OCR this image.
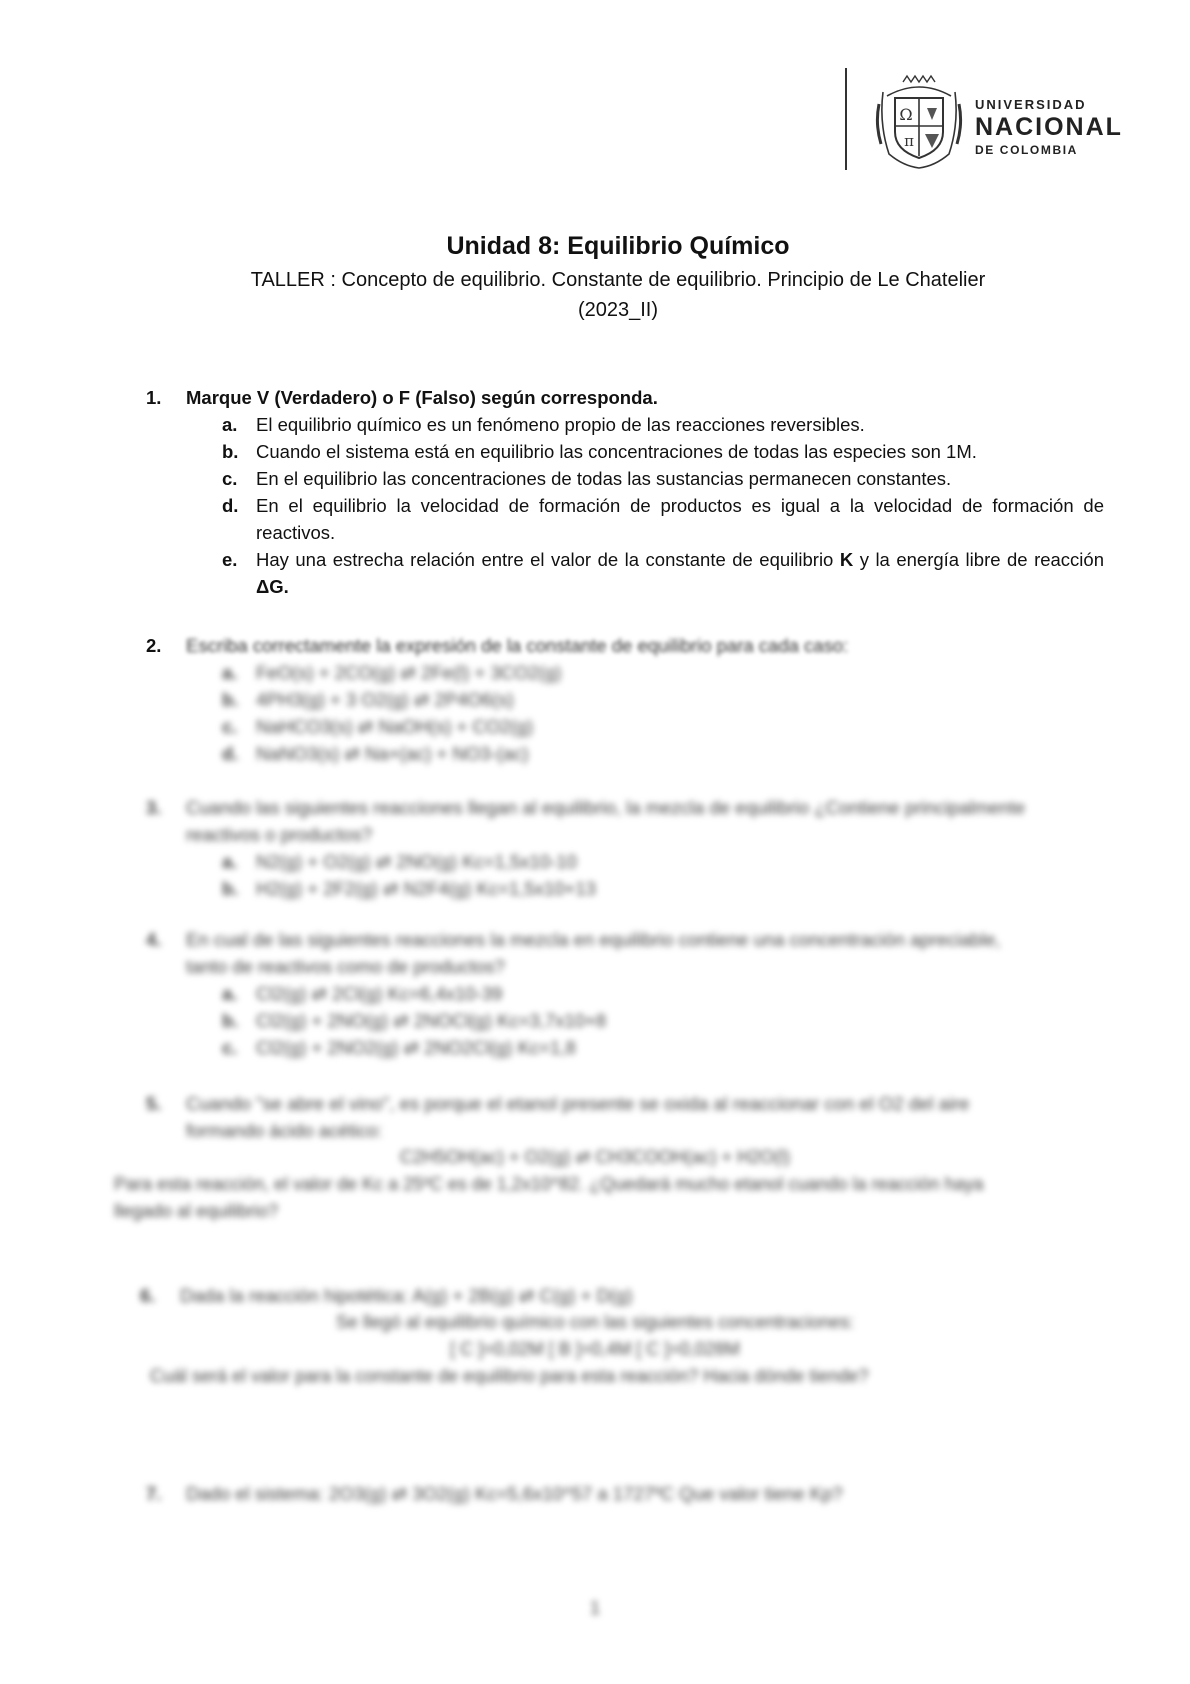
Ω
π
UNIVERSIDAD
NACIONAL
DE COLOMBIA
Unidad 8: Equilibrio Químico
TALLER : Concepto de equilibrio. Constante de equilibrio. Principio de Le Chatelier
(2023_II)
1. Marque V (Verdadero) o F (Falso) según corresponda.
a. El equilibrio químico es un fenómeno propio de las reacciones reversibles.
b. Cuando el sistema está en equilibrio las concentraciones de todas las especies son 1M.
c. En el equilibrio las concentraciones de todas las sustancias permanecen constantes.
d. En el equilibrio la velocidad de formación de productos es igual a la velocidad de formación de reactivos.
e. Hay una estrecha relación entre el valor de la constante de equilibrio K y la energía libre de reacción ΔG.
2. Escriba correctamente la expresión de la constante de equilibrio para cada caso:
a. FeO(s) + 2CO(g) ⇄ 2Fe(l) + 3CO2(g)
b. 4PH3(g) + 3 O2(g) ⇄ 2P4O6(s)
c. NaHCO3(s) ⇄ NaOH(s) + CO2(g)
d. NaNO3(s) ⇄ Na+(ac) + NO3-(ac)
3. Cuando las siguientes reacciones llegan al equilibrio, la mezcla de equilibrio ¿Contiene principalmente
reactivos o productos?
a. N2(g) + O2(g) ⇄ 2NO(g) Kc=1,5x10-10
b. H2(g) + 2F2(g) ⇄ N2F4(g) Kc=1,5x10+13
4. En cual de las siguientes reacciones la mezcla en equilibrio contiene una concentración apreciable,
tanto de reactivos como de productos?
a. Cl2(g) ⇄ 2Cl(g) Kc=6,4x10-39
b. Cl2(g) + 2NO(g) ⇄ 2NOCl(g) Kc=3,7x10+8
c. Cl2(g) + 2NO2(g) ⇄ 2NO2Cl(g) Kc=1,8
5. Cuando "se abre el vino", es porque el etanol presente se oxida al reaccionar con el O2 del aire
formando ácido acético:
C2H5OH(ac) + O2(g) ⇄ CH3COOH(ac) + H2O(l)
Para esta reacción, el valor de Kc a 25ºC es de 1,2x10^82. ¿Quedará mucho etanol cuando la reacción haya
llegado al equilibrio?
6. Dada la reacción hipotética: A(g) + 2B(g) ⇄ C(g) + D(g)
Se llegó al equilibrio químico con las siguientes concentraciones:
[ C ]=0,02M [ B ]=0,4M [ C ]=0,028M
Cuál será el valor para la constante de equilibrio para esta reacción? Hacia dónde tiende?
7. Dado el sistema: 2O3(g) ⇄ 3O2(g) Kc=5,6x10^57 a 1727ºC Que valor tiene Kp?
1
